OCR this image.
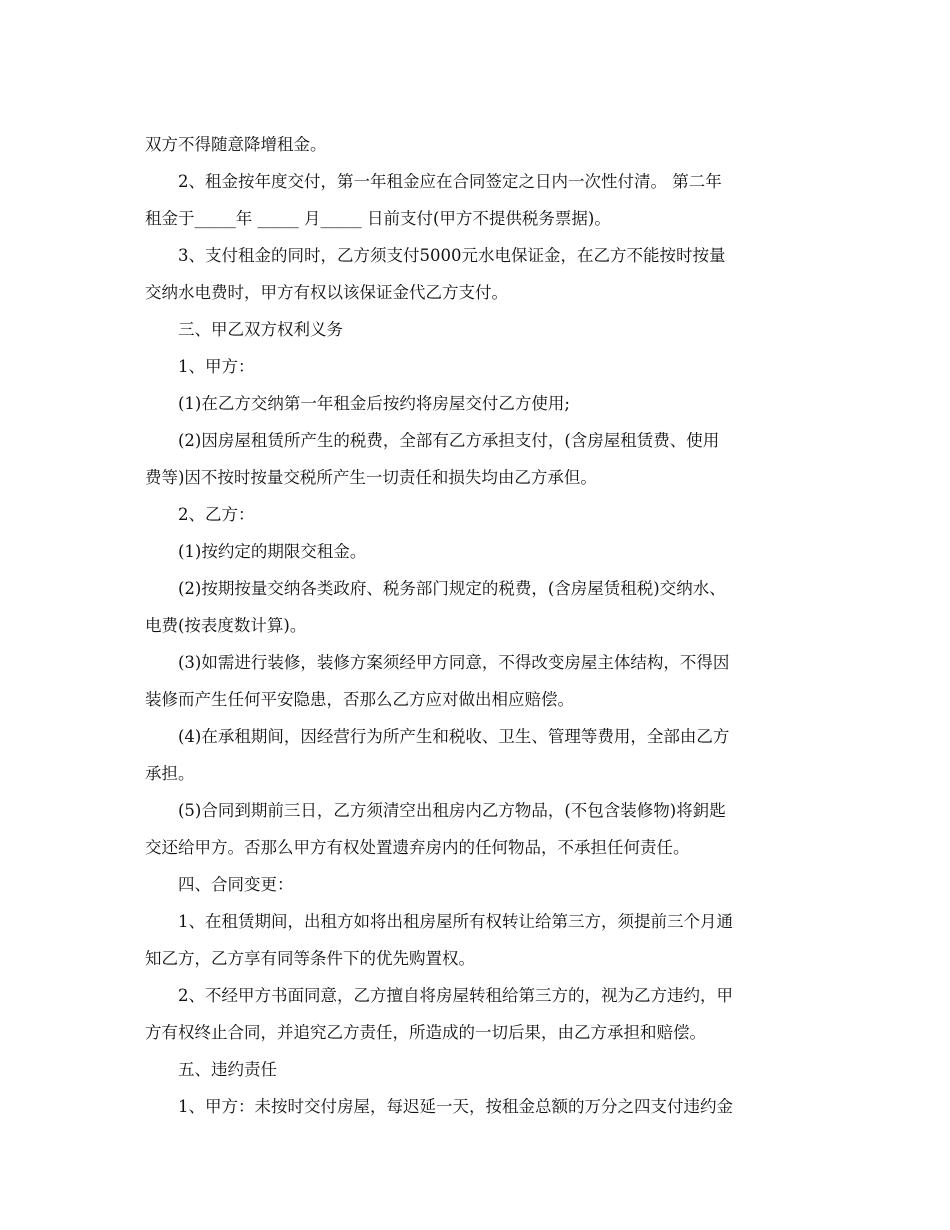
双方不得随意降增租金。
2、租金按年度交付，第一年租金应在合同签定之日内一次性付清。 第二年
租金于_____年 _____ 月_____ 日前支付(甲方不提供税务票据)。
3、支付租金的同时，乙方须支付5000元水电保证金，在乙方不能按时按量
交纳水电费时，甲方有权以该保证金代乙方支付。
三、甲乙双方权利义务
1、甲方：
(1)在乙方交纳第一年租金后按约将房屋交付乙方使用;
(2)因房屋租赁所产生的税费，全部有乙方承担支付，(含房屋租赁费、使用
费等)因不按时按量交税所产生一切责任和损失均由乙方承但。
2、乙方：
(1)按约定的期限交租金。
(2)按期按量交纳各类政府、税务部门规定的税费，(含房屋赁租税)交纳水、
电费(按表度数计算)。
(3)如需进行装修，装修方案须经甲方同意，不得改变房屋主体结构，不得因
装修而产生任何平安隐患，否那么乙方应对做出相应赔偿。
(4)在承租期间，因经营行为所产生和税收、卫生、管理等费用，全部由乙方
承担。
(5)合同到期前三日，乙方须清空出租房内乙方物品，(不包含装修物)将鈅匙
交还给甲方。否那么甲方有权处置遗弃房内的任何物品，不承担任何责任。
四、合同变更：
1、在租赁期间，出租方如将出租房屋所有权转让给第三方，须提前三个月通
知乙方，乙方享有同等条件下的优先购置权。
2、不经甲方书面同意，乙方擅自将房屋转租给第三方的，视为乙方违约，甲
方有权终止合同，并追究乙方责任，所造成的一切后果，由乙方承担和赔偿。
五、违约责任
1、甲方：未按时交付房屋，每迟延一天，按租金总额的万分之四支付违约金
